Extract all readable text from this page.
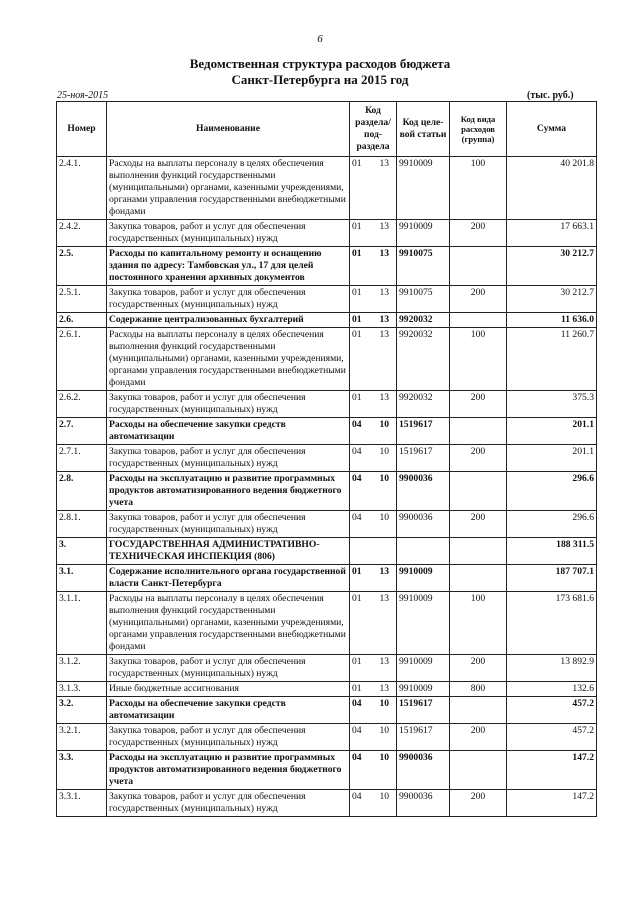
6
Ведомственная структура расходов бюджета
Санкт-Петербурга на 2015 год
25-ноя-2015	(тыс. руб.)
Номер	Наименование	Код раздела/ под-раздела		Код целе-вой статьи	Код вида расходов (группа)	Сумма
2.4.1.	Расходы на выплаты персоналу в целях обеспечения выполнения функций государственными (муниципальными) органами, казенными учреждениями, органами управления государственными внебюджетными фондами	01	13	9910009	100	40 201.8
2.4.2.	Закупка товаров, работ и услуг для обеспечения государственных (муниципальных) нужд	01	13	9910009	200	17 663.1
2.5.	Расходы по капитальному ремонту и оснащению здания по адресу: Тамбовская ул., 17 для целей постоянного хранения архивных документов	01	13	9910075		30 212.7
2.5.1.	Закупка товаров, работ и услуг для обеспечения государственных (муниципальных) нужд	01	13	9910075	200	30 212.7
2.6.	Содержание централизованных бухгалтерий	01	13	9920032		11 636.0
2.6.1.	Расходы на выплаты персоналу в целях обеспечения выполнения функций государственными (муниципальными) органами, казенными учреждениями, органами управления государственными внебюджетными фондами	01	13	9920032	100	11 260.7
2.6.2.	Закупка товаров, работ и услуг для обеспечения государственных (муниципальных) нужд	01	13	9920032	200	375.3
2.7.	Расходы на обеспечение закупки средств автоматизации	04	10	1519617		201.1
2.7.1.	Закупка товаров, работ и услуг для обеспечения государственных (муниципальных) нужд	04	10	1519617	200	201.1
2.8.	Расходы на эксплуатацию и развитие программных продуктов автоматизированного ведения бюджетного учета	04	10	9900036		296.6
2.8.1.	Закупка товаров, работ и услуг для обеспечения государственных (муниципальных) нужд	04	10	9900036	200	296.6
3.	ГОСУДАРСТВЕННАЯ АДМИНИСТРАТИВНО-ТЕХНИЧЕСКАЯ ИНСПЕКЦИЯ (806)					188 311.5
3.1.	Содержание исполнительного органа государственной власти Санкт-Петербурга	01	13	9910009		187 707.1
3.1.1.	Расходы на выплаты персоналу в целях обеспечения выполнения функций государственными (муниципальными) органами, казенными учреждениями, органами управления государственными внебюджетными фондами	01	13	9910009	100	173 681.6
3.1.2.	Закупка товаров, работ и услуг для обеспечения государственных (муниципальных) нужд	01	13	9910009	200	13 892.9
3.1.3.	Иные бюджетные ассигнования	01	13	9910009	800	132.6
3.2.	Расходы на обеспечение закупки средств автоматизации	04	10	1519617		457.2
3.2.1.	Закупка товаров, работ и услуг для обеспечения государственных (муниципальных) нужд	04	10	1519617	200	457.2
3.3.	Расходы на эксплуатацию и развитие программных продуктов автоматизированного ведения бюджетного учета	04	10	9900036		147.2
3.3.1.	Закупка товаров, работ и услуг для обеспечения государственных (муниципальных) нужд	04	10	9900036	200	147.2
